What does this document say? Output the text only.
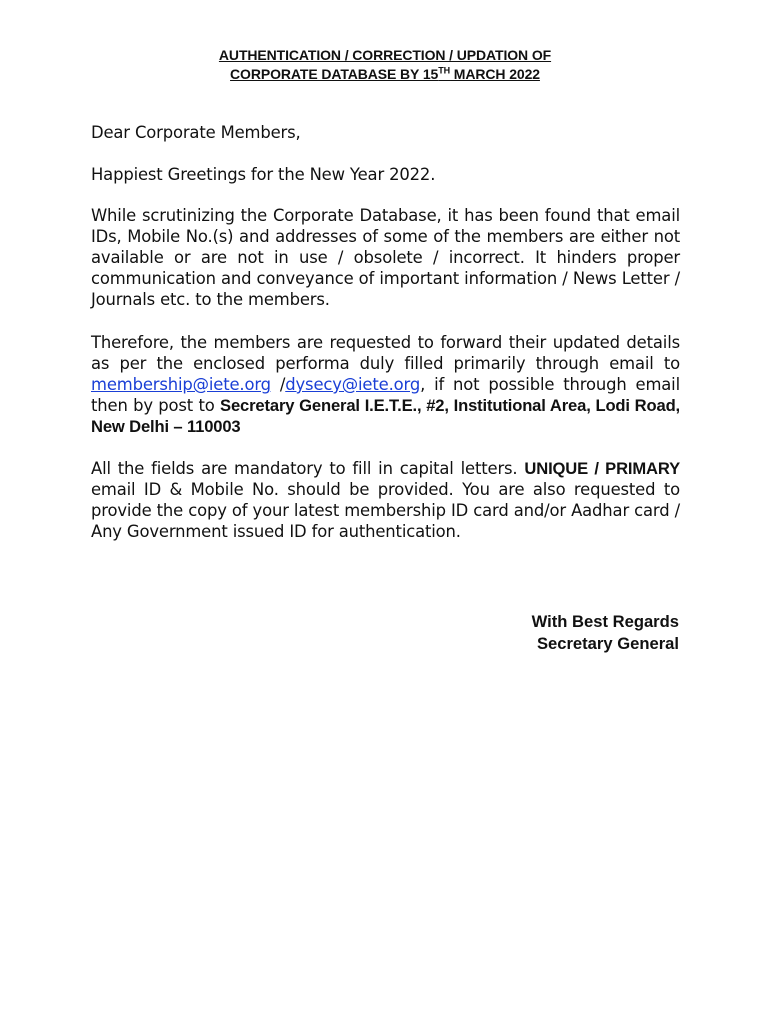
AUTHENTICATION / CORRECTION / UPDATION OF
CORPORATE DATABASE BY 15TH MARCH 2022

Dear Corporate Members,

Happiest Greetings for the New Year 2022.

While scrutinizing the Corporate Database, it has been found that email IDs, Mobile No.(s) and addresses of some of the members are either not available or are not in use / obsolete / incorrect. It hinders proper communication and conveyance of important information / News Letter / Journals etc. to the members.

Therefore, the members are requested to forward their updated details as per the enclosed performa duly filled primarily through email to membership@iete.org /dysecy@iete.org, if not possible through email then by post to Secretary General I.E.T.E., #2, Institutional Area, Lodi Road, New Delhi – 110003

All the fields are mandatory to fill in capital letters. UNIQUE / PRIMARY email ID & Mobile No. should be provided. You are also requested to provide the copy of your latest membership ID card and/or Aadhar card / Any Government issued ID for authentication.

With Best Regards
Secretary General
